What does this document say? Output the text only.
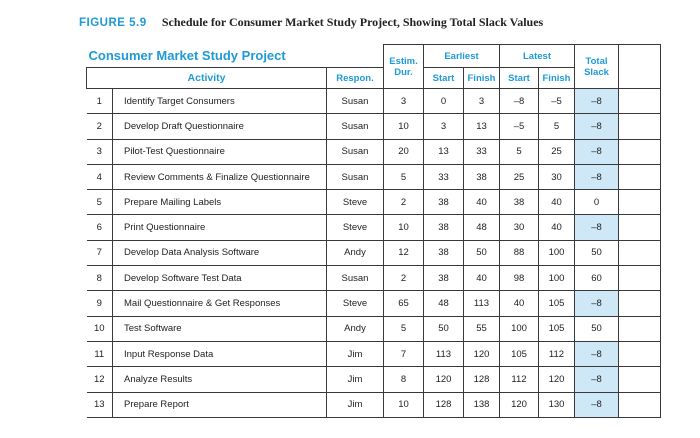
FIGURE 5.9 Schedule for Consumer Market Study Project, Showing Total Slack Values
Consumer Market Study Project			Estim. Dur.	Earliest		Latest		Total Slack	
Activity		Respon.		Start	Finish	Start	Finish		
1	Identify Target Consumers	Susan	3	0	3	–8	–5	–8	
2	Develop Draft Questionnaire	Susan	10	3	13	–5	5	–8	
3	Pilot-Test Questionnaire	Susan	20	13	33	5	25	–8	
4	Review Comments & Finalize Questionnaire	Susan	5	33	38	25	30	–8	
5	Prepare Mailing Labels	Steve	2	38	40	38	40	0	
6	Print Questionnaire	Steve	10	38	48	30	40	–8	
7	Develop Data Analysis Software	Andy	12	38	50	88	100	50	
8	Develop Software Test Data	Susan	2	38	40	98	100	60	
9	Mail Questionnaire & Get Responses	Steve	65	48	113	40	105	–8	
10	Test Software	Andy	5	50	55	100	105	50	
11	Input Response Data	Jim	7	113	120	105	112	–8	
12	Analyze Results	Jim	8	120	128	112	120	–8	
13	Prepare Report	Jim	10	128	138	120	130	–8	
